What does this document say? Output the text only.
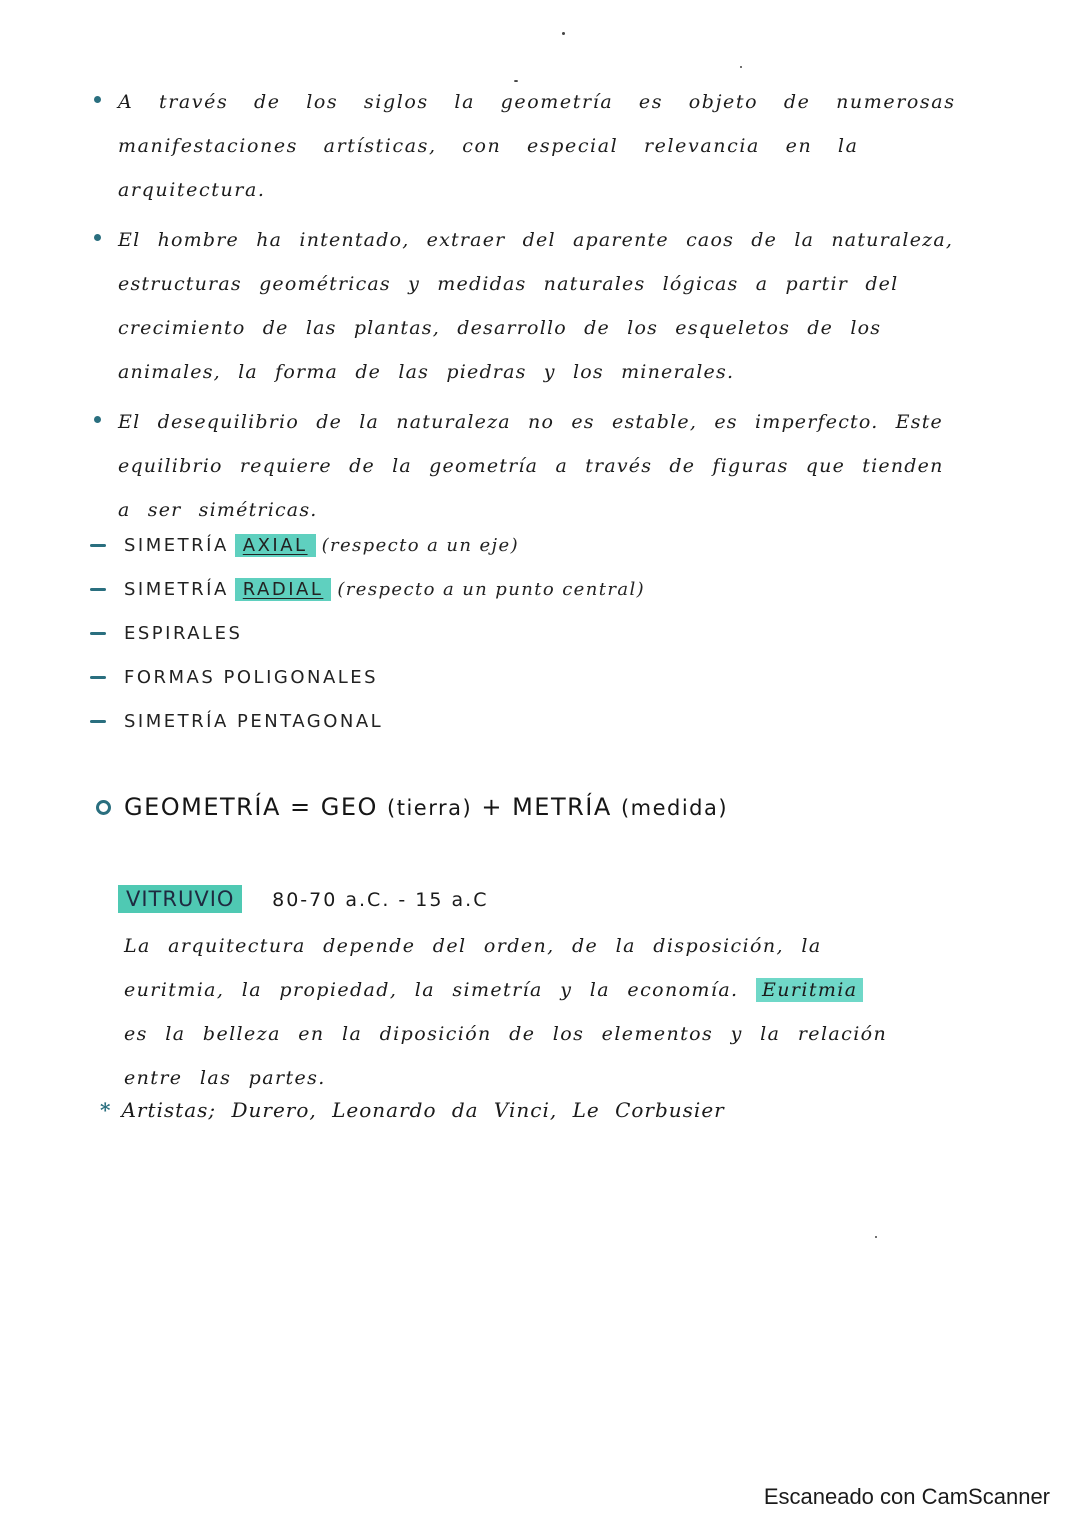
A través de los siglos la geometría es objeto de numerosas manifestaciones artísticas, con especial relevancia en la arquitectura.

El hombre ha intentado, extraer del aparente caos de la naturaleza, estructuras geométricas y medidas naturales lógicas a partir del crecimiento de las plantas, desarrollo de los esqueletos de los animales, la forma de las piedras y los minerales.

El desequilibrio de la naturaleza no es estable, es imperfecto. Este equilibrio requiere de la geometría a través de figuras que tienden a ser simétricas.

SIMETRÍA AXIAL (respecto a un eje)
SIMETRÍA RADIAL (respecto a un punto central)
ESPIRALES
FORMAS POLIGONALES
SIMETRÍA PENTAGONAL
GEOMETRÍA = GEO (tierra) + METRÍA (medida)
VITRUVIO 80-70 a.C. - 15 a.C

La arquitectura depende del orden, de la disposición, la euritmia, la propiedad, la simetría y la economía. Euritmia es la belleza en la diposición de los elementos y la relación entre las partes.

* Artistas; Durero, Leonardo da Vinci, Le Corbusier
Escaneado con CamScanner
